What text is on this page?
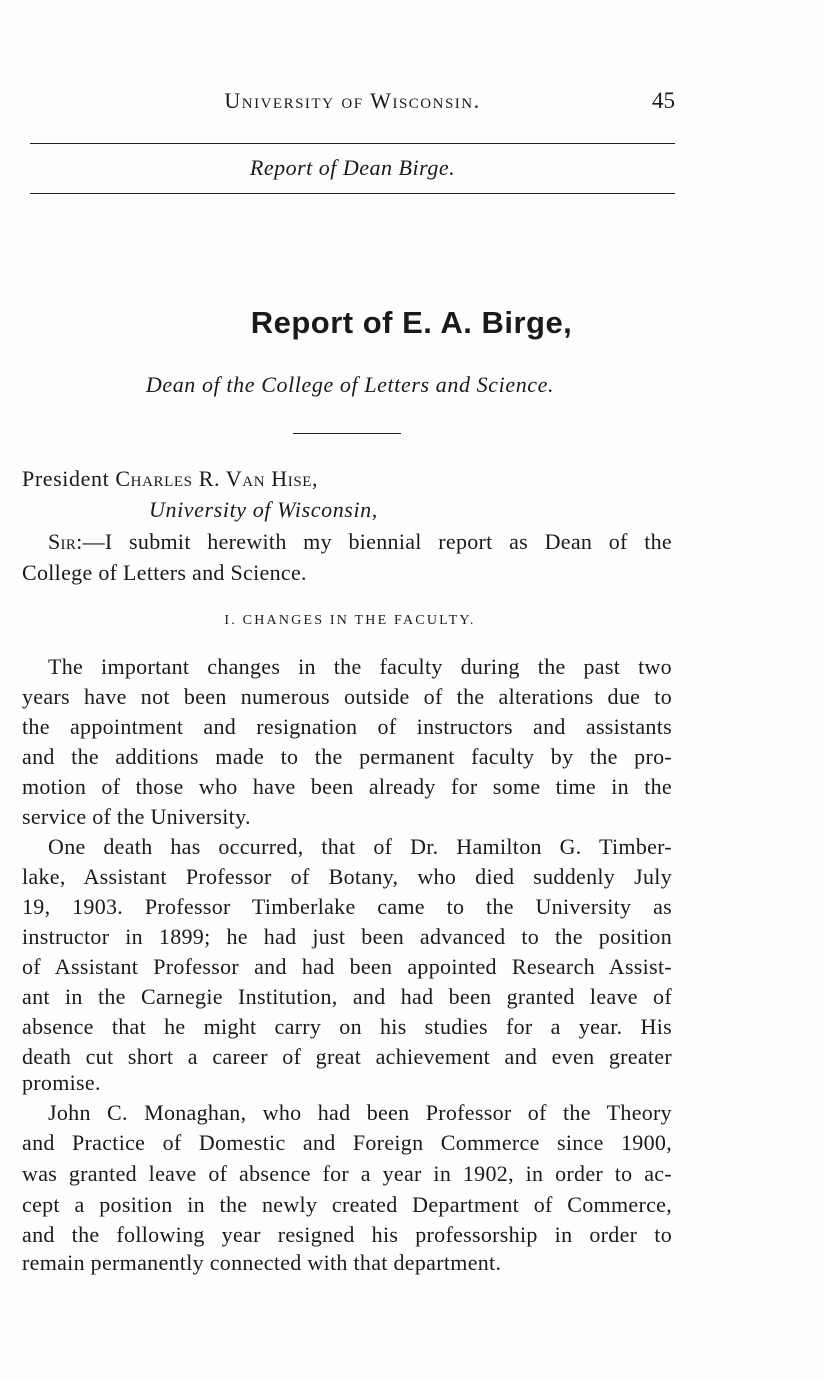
University of Wisconsin.	45
Report of Dean Birge.
Report of E. A. Birge,
Dean of the College of Letters and Science.
President Charles R. Van Hise,
University of Wisconsin,
Sir:—I submit herewith my biennial report as Dean of the
College of Letters and Science.
I. CHANGES IN THE FACULTY.
The important changes in the faculty during the past two
years have not been numerous outside of the alterations due to
the appointment and resignation of instructors and assistants
and the additions made to the permanent faculty by the pro-
motion of those who have been already for some time in the
service of the University.
One death has occurred, that of Dr. Hamilton G. Timber-
lake, Assistant Professor of Botany, who died suddenly July
19, 1903. Professor Timberlake came to the University as
instructor in 1899; he had just been advanced to the position
of Assistant Professor and had been appointed Research Assist-
ant in the Carnegie Institution, and had been granted leave of
absence that he might carry on his studies for a year. His
death cut short a career of great achievement and even greater
promise.
John C. Monaghan, who had been Professor of the Theory
and Practice of Domestic and Foreign Commerce since 1900,
was granted leave of absence for a year in 1902, in order to ac-
cept a position in the newly created Department of Commerce,
and the following year resigned his professorship in order to
remain permanently connected with that department.
